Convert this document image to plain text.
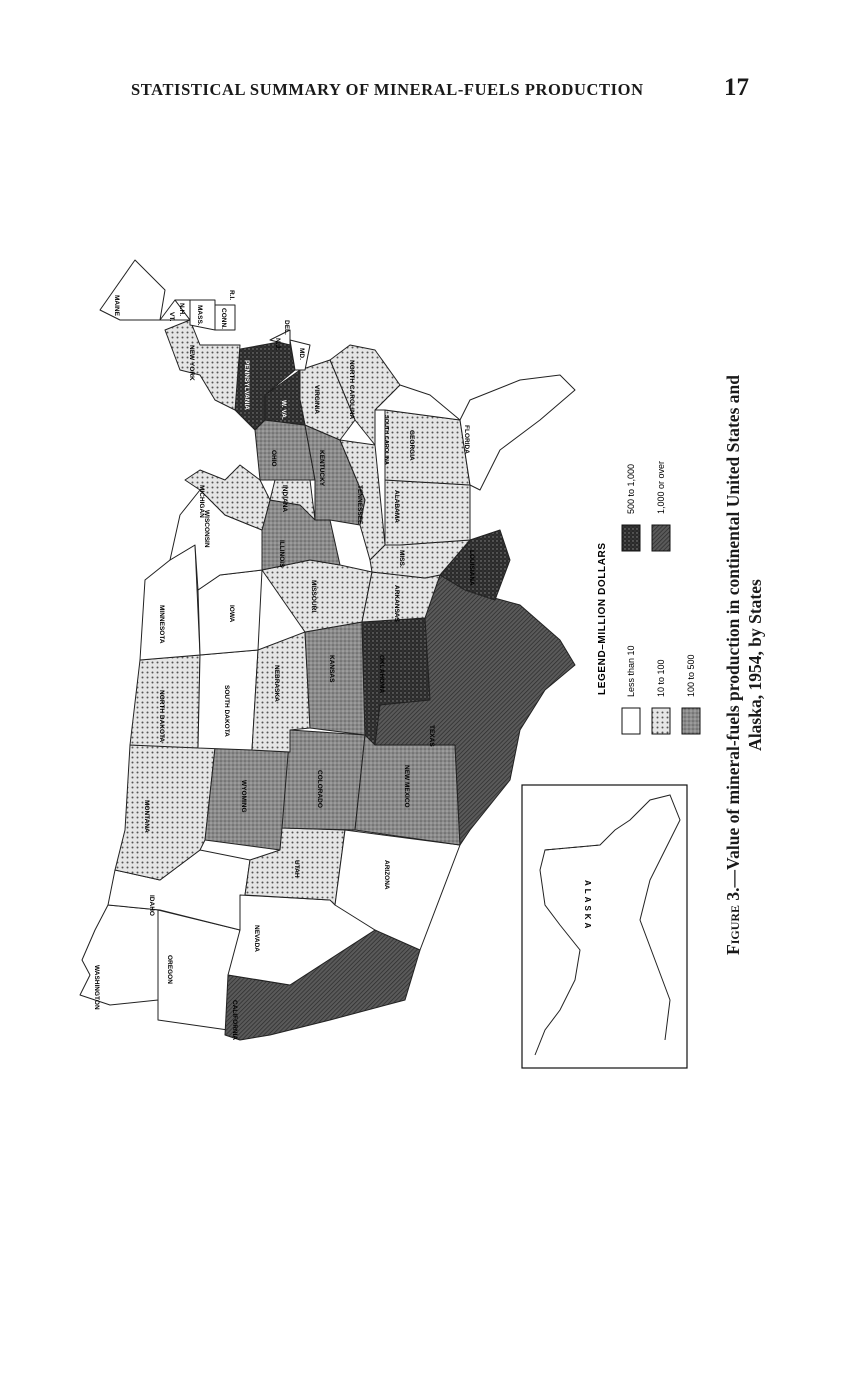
STATISTICAL SUMMARY OF MINERAL-FUELS PRODUCTION	17
WASHINGTON	OREGON
CALIFORNIA
IDAHO
NEVADA
MONTANA
WYOMING
UTAH
COLORADO
ARIZONA
NEW MEXICO
NORTH DAKOTA	SOUTH DAKOTA
NEBRASKA	KANSAS	OKLAHOMA
TEXAS
MINNESOTA	IOWA
MISSOURI	ARKANSAS
LOUISIANA
WISCONSIN
ILLINOIS
MICHIGAN	INDIANA
OHIO	KENTUCKY
TENNESSEE
MISS.
ALABAMA
GEORGIA	FLORIDA
SOUTH CAROLINA
NORTH CAROLINA
VIRGINIA
W. VA.
PENNSYLVANIA
NEW YORK	MD.
DEL.
N.J.
CONN.
R.I.
MASS.
VT.
N.H.
MAINE
ALASKA
LEGEND–MILLION DOLLARS Less than 10 10 to 100 100 to 500
500 to 1,000 1,000 or over
Figure 3.—Value of mineral-fuels production in continental United States and Alaska, 1954, by States
